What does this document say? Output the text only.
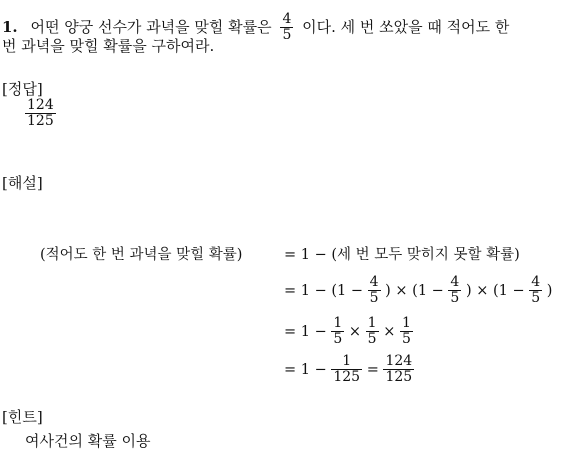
1. 어떤 양궁 선수가 과녁을 맞힐 확률은 $\frac{4}{5}$ 이다. 세 번 쏘았을 때 적어도 한
번 과녁을 맞힐 확률을 구하여라.
[정답]
$\frac{124}{125}$
[해설]
(적어도 한 번 과녁을 맞힐 확률)	= 1 − (세 번 모두 맞히지 못할 확률)
= $1 - (1 - \frac{4}{5}$ ) × ($1 - \frac{4}{5}$ ) × ($1 - \frac{4}{5}$ )
= $1 - \frac{1}{5} \times \frac{1}{5} \times \frac{1}{5}$
= $1 - \frac{1}{125} = \frac{124}{125}$
[힌트]
여사건의 확률 이용
